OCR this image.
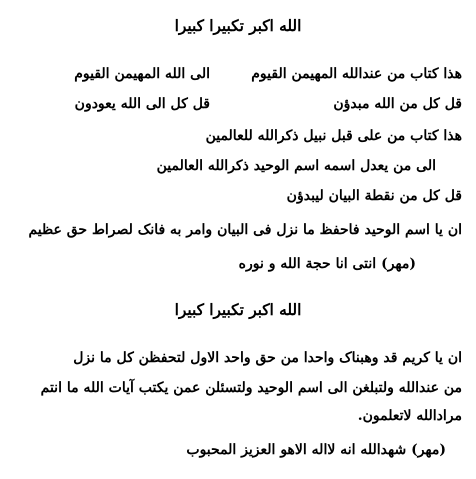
الله اکبر تکبیرا کبیرا
هذا کتاب من عندالله المهیمن القیوم
الی الله المهیمن القیوم
قل کل من الله مبدؤن
قل کل الی الله یعودون
هذا کتاب من علی قبل نبیل ذکرالله للعالمین
الی من یعدل اسمه اسم الوحید ذکرالله العالمین
قل کل من نقطة البیان لیبدؤن
ان یا اسم الوحید فاحفظ ما نزل فی البیان وامر به فانک لصراط حق عظیم
(مهر) انتی انا حجة الله و نوره
الله اکبر تکبیرا کبیرا
ان یا کریم قد وهبناک واحدا من حق واحد الاول لتحفظن کل ما نزل
من عندالله ولتبلغن الی اسم الوحید ولتسئلن عمن یکتب آیات الله ما انتم
مرادالله لاتعلمون.
(مهر) شهدالله انه لااله الاهو العزیز المحبوب
